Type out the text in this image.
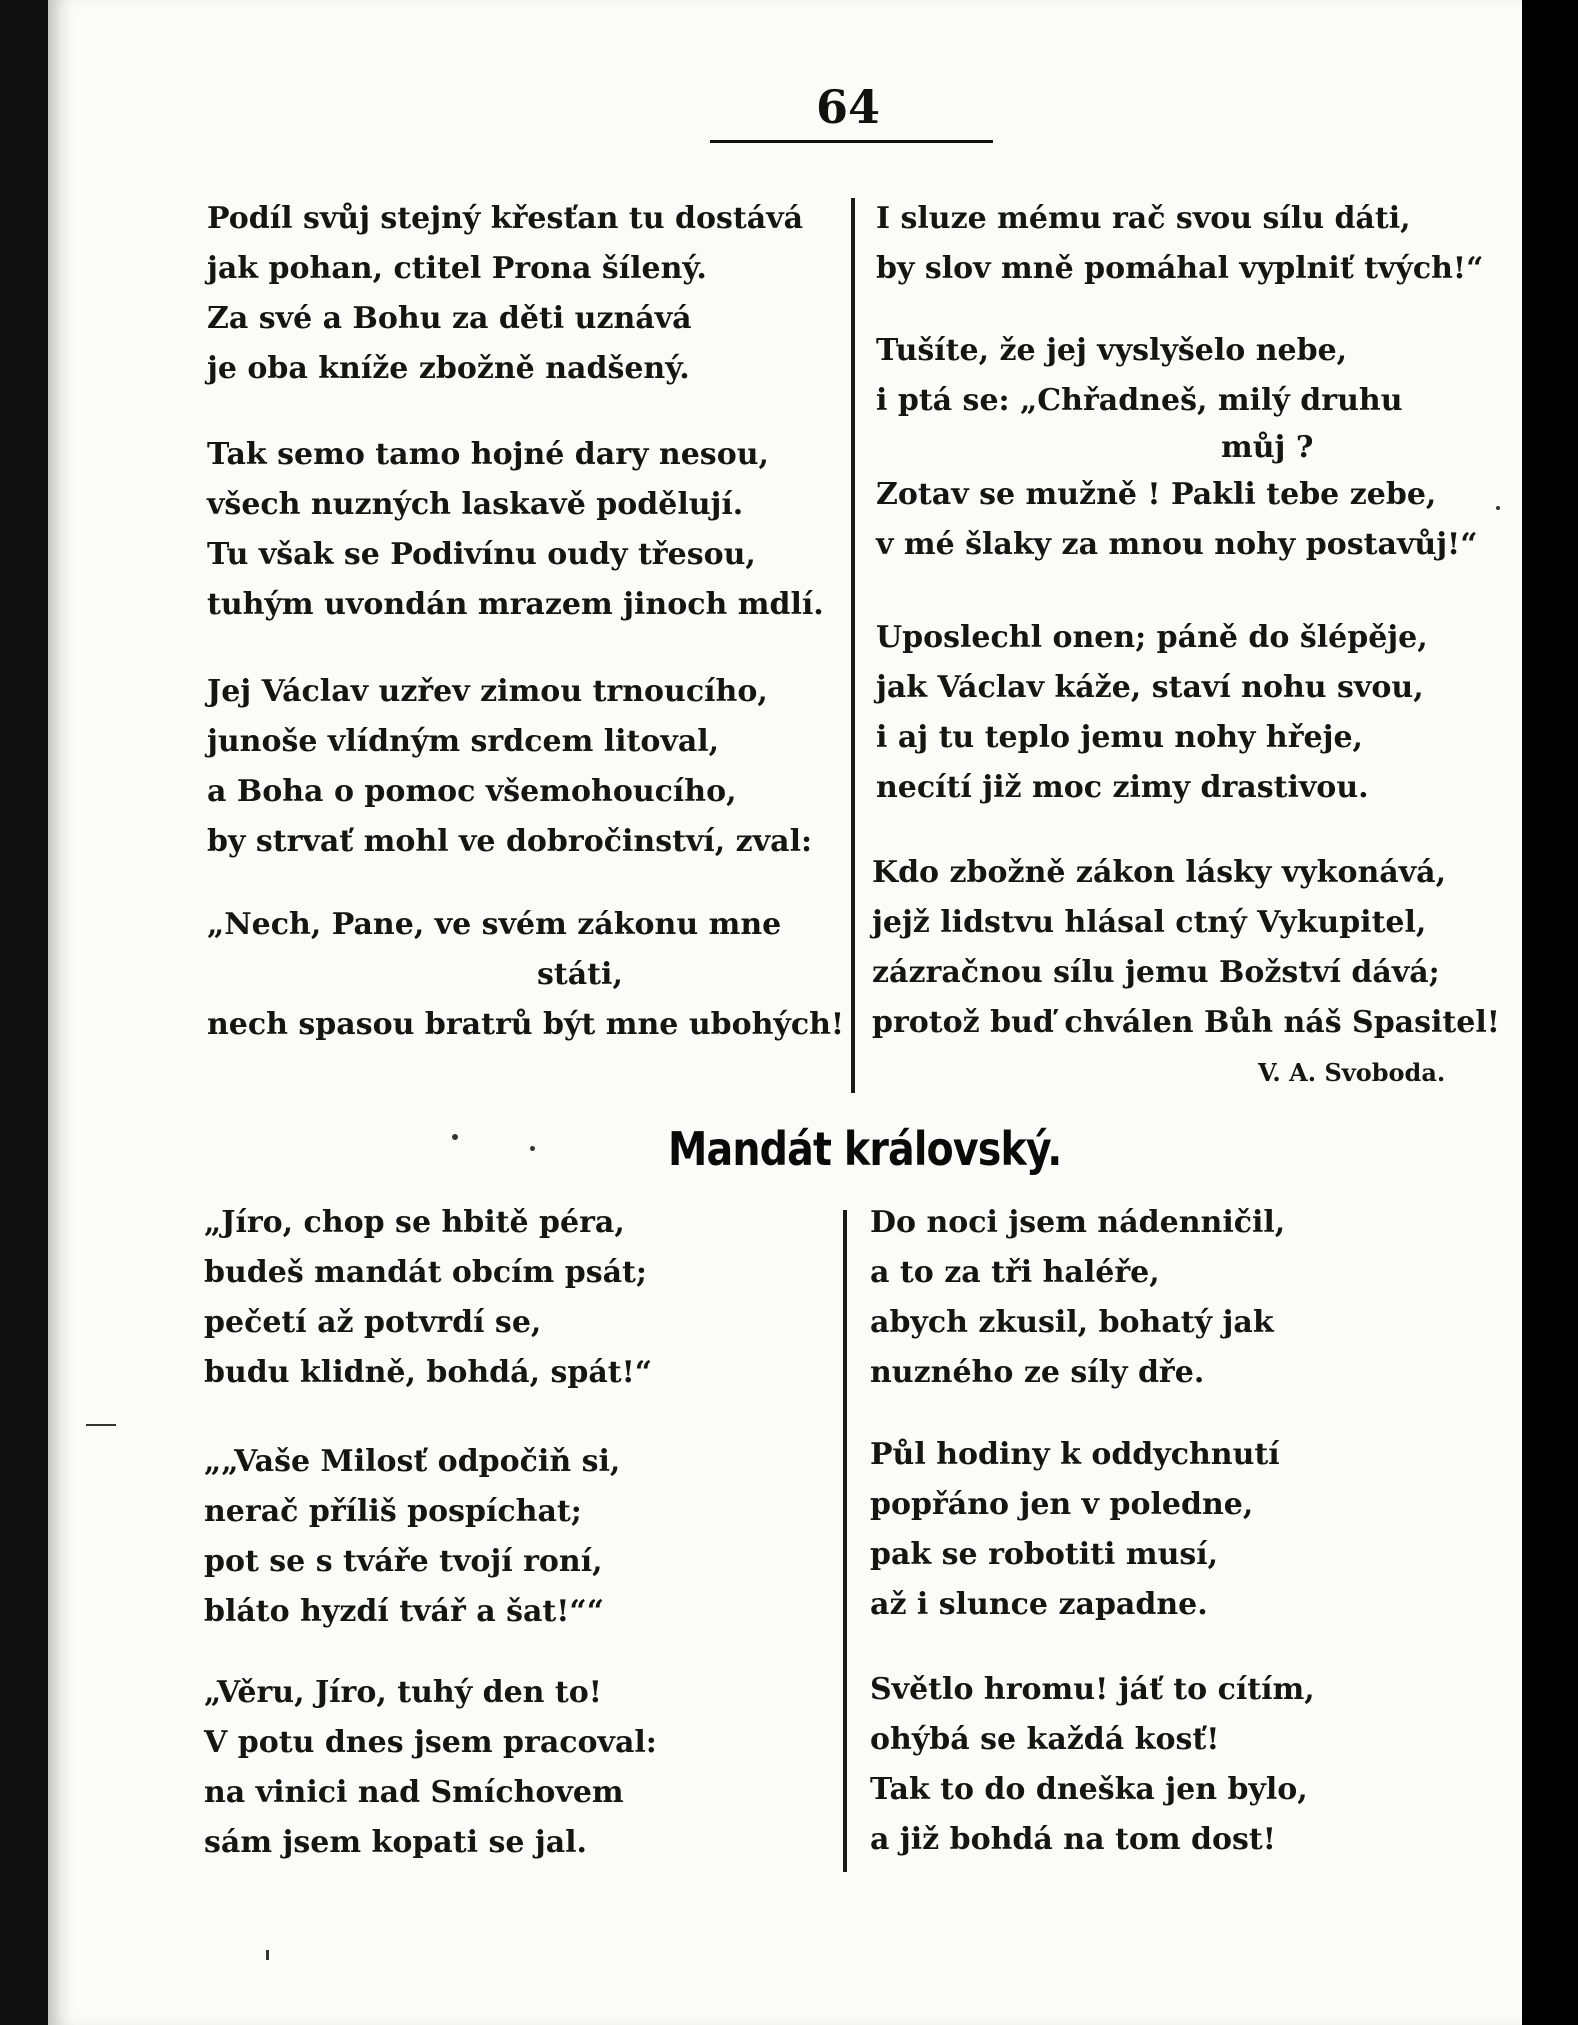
64

Podíl svůj stejný křesťan tu dostává
jak pohan, ctitel Prona šílený.
Za své a Bohu za děti uznává
je oba kníže zbožně nadšený.

Tak semo tamo hojné dary nesou,
všech nuzných laskavě podělují.
Tu však se Podivínu oudy třesou,
tuhým uvondán mrazem jinoch mdlí.

Jej Václav uzřev zimou trnoucího,
junoše vlídným srdcem litoval,
a Boha o pomoc všemohoucího,
by strvať mohl ve dobročinství, zval:

„Nech, Pane, ve svém zákonu mne
státi,
nech spasou bratrů být mne ubohých!

I sluze mému rač svou sílu dáti,
by slov mně pomáhal vyplniť tvých!“

Tušíte, že jej vyslyšelo nebe,
i ptá se: „Chřadneš, milý druhu
můj ?
Zotav se mužně ! Pakli tebe zebe,
v mé šlaky za mnou nohy postavůj!“

Uposlechl onen; páně do šlépěje,
jak Václav káže, staví nohu svou,
i aj tu teplo jemu nohy hřeje,
necítí již moc zimy drastivou.

Kdo zbožně zákon lásky vykonává,
jejž lidstvu hlásal ctný Vykupitel,
zázračnou sílu jemu Božství dává;
protož buď chválen Bůh náš Spasitel!

V. A. Svoboda.
Mandát královský.

„Jíro, chop se hbitě péra,
budeš mandát obcím psát;
pečetí až potvrdí se,
budu klidně, bohdá, spát!“

„„Vaše Milosť odpočiň si,
nerač příliš pospíchat;
pot se s tváře tvojí roní,
bláto hyzdí tvář a šat!““

„Věru, Jíro, tuhý den to!
V potu dnes jsem pracoval:
na vinici nad Smíchovem
sám jsem kopati se jal.

Do noci jsem nádenničil,
a to za tři haléře,
abych zkusil, bohatý jak
nuzného ze síly dře.

Půl hodiny k oddychnutí
popřáno jen v poledne,
pak se robotiti musí,
až i slunce zapadne.

Světlo hromu! jáť to cítím,
ohýbá se každá kosť!
Tak to do dneška jen bylo,
a již bohdá na tom dost!
